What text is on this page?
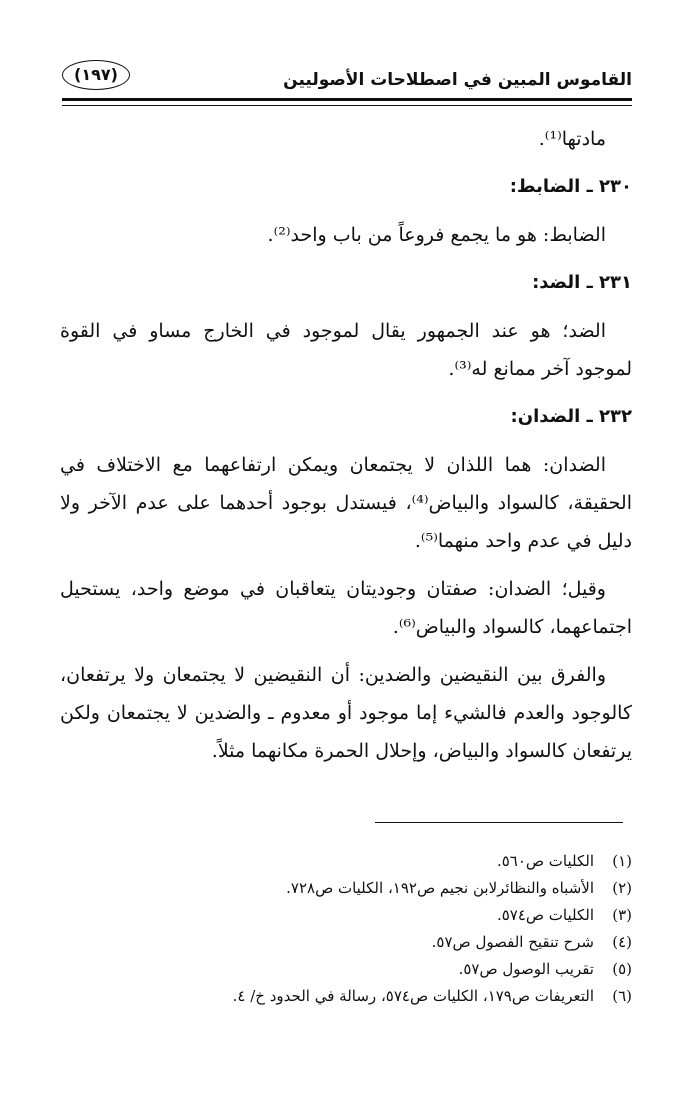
القاموس المبين في اصطلاحات الأصوليين
(١٩٧)

مادتها⁽¹⁾.

٢٣٠ ـ الضابط:

الضابط: هو ما يجمع فروعاً من باب واحد⁽²⁾.

٢٣١ ـ الضد:

الضد؛ هو عند الجمهور يقال لموجود في الخارج مساو في القوة لموجود آخر ممانع له⁽³⁾.

٢٣٢ ـ الضدان:

الضدان: هما اللذان لا يجتمعان ويمكن ارتفاعهما مع الاختلاف في الحقيقة، كالسواد والبياض⁽⁴⁾، فيستدل بوجود أحدهما على عدم الآخر ولا دليل في عدم واحد منهما⁽⁵⁾.

وقيل؛ الضدان: صفتان وجوديتان يتعاقبان في موضع واحد، يستحيل اجتماعهما، كالسواد والبياض⁽⁶⁾.

والفرق بين النقيضين والضدين: أن النقيضين لا يجتمعان ولا يرتفعان، كالوجود والعدم فالشيء إما موجود أو معدوم ـ والضدين لا يجتمعان ولكن يرتفعان كالسواد والبياض، وإحلال الحمرة مكانهما مثلاً.

(١)
الكليات ص٥٦٠.
(٢)
الأشباه والنظائرلابن نجيم ص١٩٢، الكليات ص٧٢٨.
(٣)
الكليات ص٥٧٤.
(٤)
شرح تنقيح الفصول ص٥٧.
(٥)
تقريب الوصول ص٥٧.
(٦)
التعريفات ص١٧٩، الكليات ص٥٧٤، رسالة في الحدود خ/ ٤.
